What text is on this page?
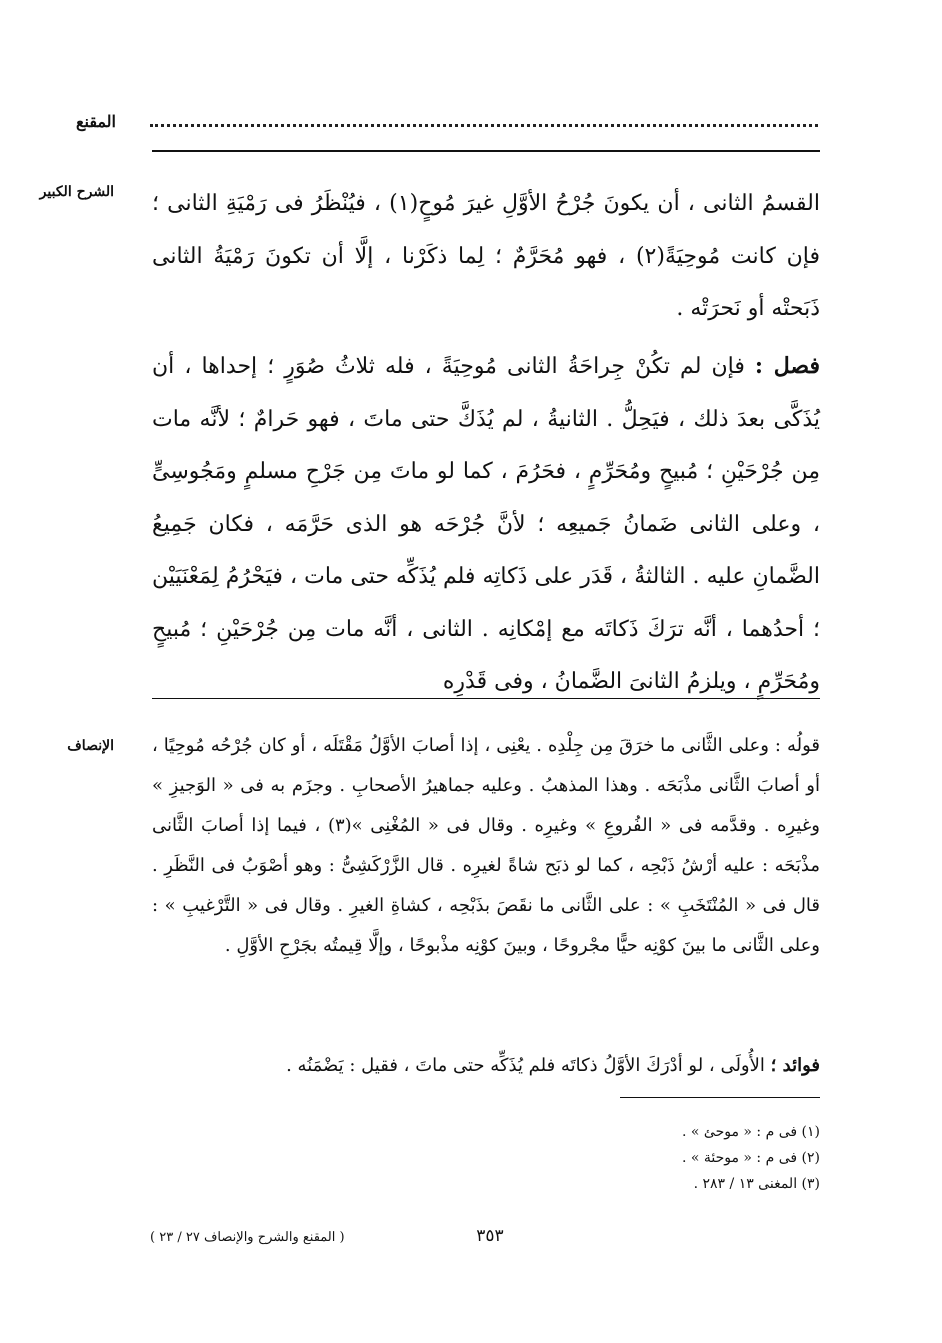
المقنع
الشرح الكبير القسمُ الثانى ، أن يكونَ جُرْحُ الأوَّلِ غيرَ مُوحٍ(١) ، فيُنْظَرُ فى رَمْيَةِ الثانى ؛ فإن كانت مُوحِيَةً(٢) ، فهو مُحَرَّمٌ ؛ لِما ذكَرْنا ، إلَّا أن تكونَ رَمْيَةُ الثانى ذَبَحتْه أو نَحرَتْه .

فصل : فإن لم تكُنْ جِراحَةُ الثانى مُوحِيَةً ، فله ثلاثُ صُوَرٍ ؛ إحداها ، أن يُذَكَّى بعدَ ذلك ، فيَحِلُّ . الثانيةُ ، لم يُذَكَّ حتى ماتَ ، فهو حَرامٌ ؛ لأنَّه مات مِن جُرْحَيْنِ ؛ مُبيحٍ ومُحَرِّمٍ ، فحَرُمَ ، كما لو ماتَ مِن جَرْحِ مسلمٍ ومَجُوسِىٍّ ، وعلى الثانى ضَمانُ جَميعِه ؛ لأنَّ جُرْحَه هو الذى حَرَّمَه ، فكان جَمِيعُ الضَّمانِ عليه . الثالثةُ ، قَدَر على ذَكاتِه فلم يُذَكِّه حتى مات ، فيَحْرُمُ لِمَعْنَيَيْن ؛ أحدُهما ، أنَّه ترَكَ ذَكاتَه مع إمْكانِه . الثانى ، أنَّه مات مِن جُرْحَيْنِ ؛ مُبيحٍ ومُحَرِّمٍ ، ويلزمُ الثانىَ الضَّمانُ ، وفى قَدْرِه

الإنصاف قولُه : وعلى الثَّانى ما خرَقَ مِن جِلْدِه . يعْنِى ، إذا أصابَ الأوَّلُ مَقْتَلَه ، أو كان جُرْحُه مُوحِيًا ، أو أصابَ الثَّانى مذْبَحَه . وهذا المذهبُ . وعليه جماهيرُ الأصحابِ . وجزَم به فى « الوَجيزِ » وغيرِه . وقدَّمه فى « الفُروعِ » وغيرِه . وقال فى « المُغْنِى »(٣) ، فيما إذا أصابَ الثَّانى مذْبَحَه : عليه أرْشُ ذَبْحِه ، كما لو ذبَح شاةً لغيرِه . قال الزَّرْكَشِىُّ : وهو أصْوَبُ فى النَّظَرِ . قال فى « المُنْتَخَبِ » : على الثَّانى ما نقَصَ بذَبْحِه ، كشاةِ الغيرِ . وقال فى « التَّرْغيبِ » : وعلى الثَّانى ما بينَ كوْنِه حيًّا مجْروحًا ، وبينَ كوْنِه مذْبوحًا ، وإلَّا قِيمتُه بجَرْحِ الأوَّلِ .

فوائد ؛ الأُولَى ، لو أدْرَكَ الأوَّلُ ذكاتَه فلم يُذَكِّه حتى ماتَ ، فقيل : يَضْمَنُه .

(١) فى م : « موحئ » .
(٢) فى م : « موحئة » .
(٣) المغنى ١٣ / ٢٨٣ .
٣٥٣
( المقنع والشرح والإنصاف ٢٧ / ٢٣ )
